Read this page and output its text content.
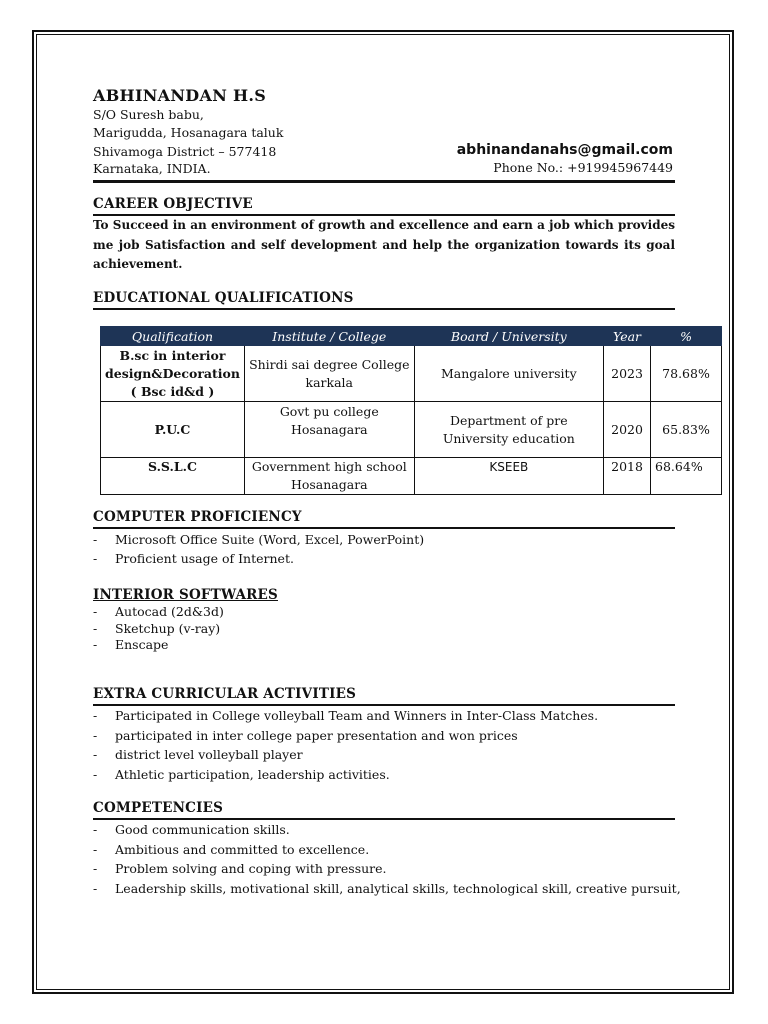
ABHINANDAN H.S
S/O Suresh babu,
Marigudda, Hosanagara taluk
Shivamoga District – 577418
Karnataka, INDIA.
abhinandanahs@gmail.com
Phone No.: +919945967449
CAREER OBJECTIVE
To Succeed in an environment of growth and excellence and earn a job which provides me job Satisfaction and self development and help the organization towards its goal achievement.
EDUCATIONAL QUALIFICATIONS
Qualification	Institute / College	Board / University	Year	%
B.sc in interior design&Decoration ( Bsc id&d )	Shirdi sai degree College karkala	Mangalore university	2023	78.68%
P.U.C	Govt pu college Hosanagara	Department of pre University education	2020	65.83%
S.S.L.C	Government high school Hosanagara	KSEEB	2018	68.64%
COMPUTER PROFICIENCY
- Microsoft Office Suite (Word, Excel, PowerPoint)
- Proficient usage of Internet.
INTERIOR SOFTWARES
- Autocad (2d&3d)
- Sketchup (v-ray)
- Enscape
EXTRA CURRICULAR ACTIVITIES
- Participated in College volleyball Team and Winners in Inter-Class Matches.
- participated in inter college paper presentation and won prices
- district level volleyball player
- Athletic participation, leadership activities.
COMPETENCIES
- Good communication skills.
- Ambitious and committed to excellence.
- Problem solving and coping with pressure.
- Leadership skills, motivational skill, analytical skills, technological skill, creative pursuit,
